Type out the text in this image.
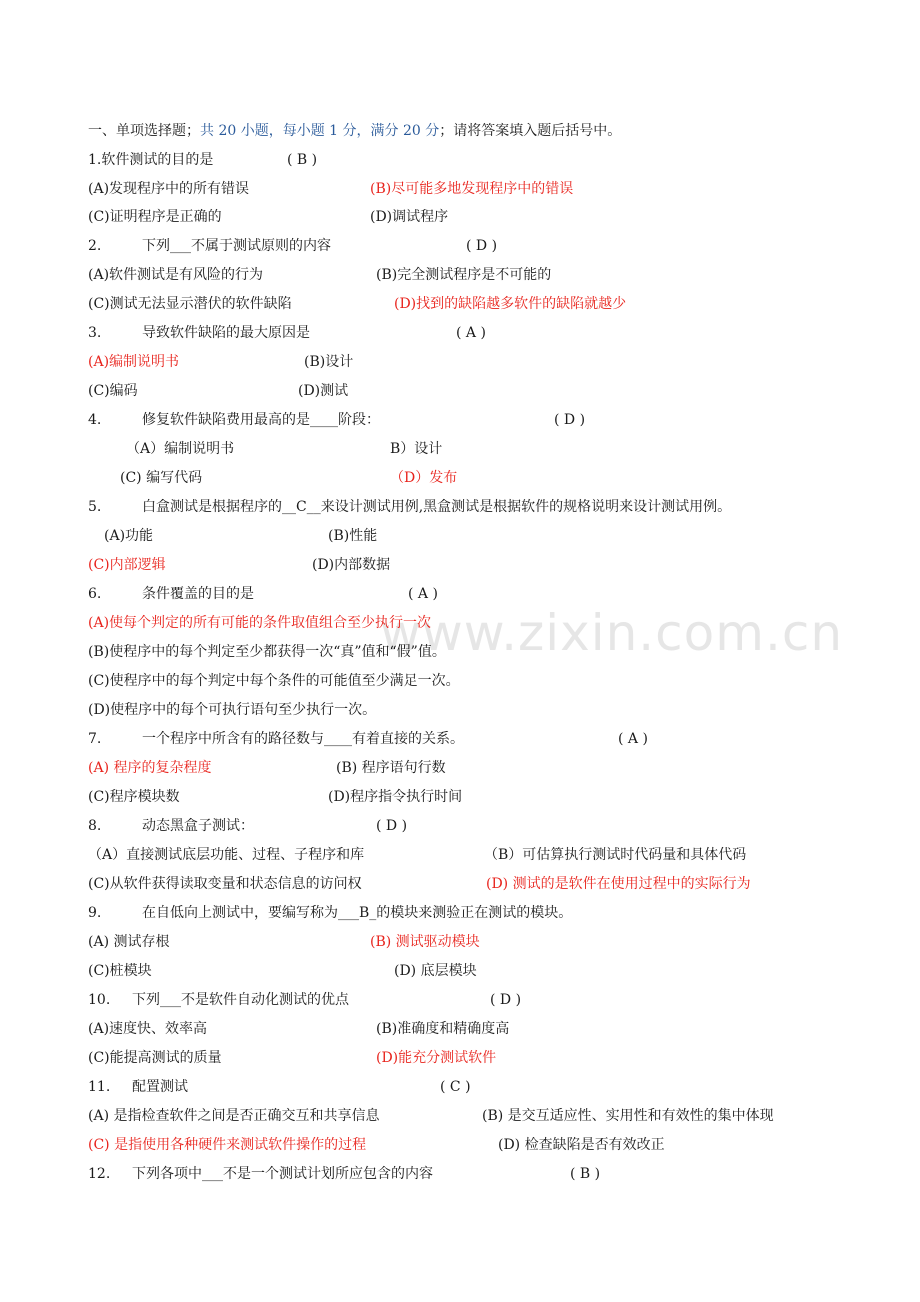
www.zixin.com.cn
一、单项选择题；共 20 小题，每小题 1 分，满分 20 分；请将答案填入题后括号中。
1.软件测试的目的是	( B )
(A)发现程序中的所有错误	(B)尽可能多地发现程序中的错误
(C)证明程序是正确的	(D)调试程序
2.	下列___不属于测试原则的内容	( D )
(A)软件测试是有风险的行为	(B)完全测试程序是不可能的
(C)测试无法显示潜伏的软件缺陷	(D)找到的缺陷越多软件的缺陷就越少
3.	导致软件缺陷的最大原因是	( A )
(A)编制说明书	(B)设计
(C)编码	(D)测试
4.	修复软件缺陷费用最高的是____阶段：	( D )
（A）编制说明书	B）设计
(C) 编写代码	（D）发布
5.	白盒测试是根据程序的__C__来设计测试用例,黑盒测试是根据软件的规格说明来设计测试用例。
(A)功能	(B)性能
(C)内部逻辑	(D)内部数据
6.	条件覆盖的目的是	( A )
(A)使每个判定的所有可能的条件取值组合至少执行一次
(B)使程序中的每个判定至少都获得一次“真”值和“假”值。
(C)使程序中的每个判定中每个条件的可能值至少满足一次。
(D)使程序中的每个可执行语句至少执行一次。
7.	一个程序中所含有的路径数与____有着直接的关系。	( A )
(A) 程序的复杂程度	(B) 程序语句行数
(C)程序模块数	(D)程序指令执行时间
8.	动态黑盒子测试：	( D )
（A）直接测试底层功能、过程、子程序和库	（B）可估算执行测试时代码量和具体代码
(C)从软件获得读取变量和状态信息的访问权	(D) 测试的是软件在使用过程中的实际行为
9.	在自低向上测试中，要编写称为___B_的模块来测验正在测试的模块。
(A) 测试存根	(B) 测试驱动模块
(C)桩模块	(D) 底层模块
10. 下列___不是软件自动化测试的优点	( D )
(A)速度快、效率高	(B)准确度和精确度高
(C)能提高测试的质量	(D)能充分测试软件
11. 配置测试	( C )
(A) 是指检查软件之间是否正确交互和共享信息	(B) 是交互适应性、实用性和有效性的集中体现
(C) 是指使用各种硬件来测试软件操作的过程	(D) 检查缺陷是否有效改正
12. 下列各项中___不是一个测试计划所应包含的内容	( B )
